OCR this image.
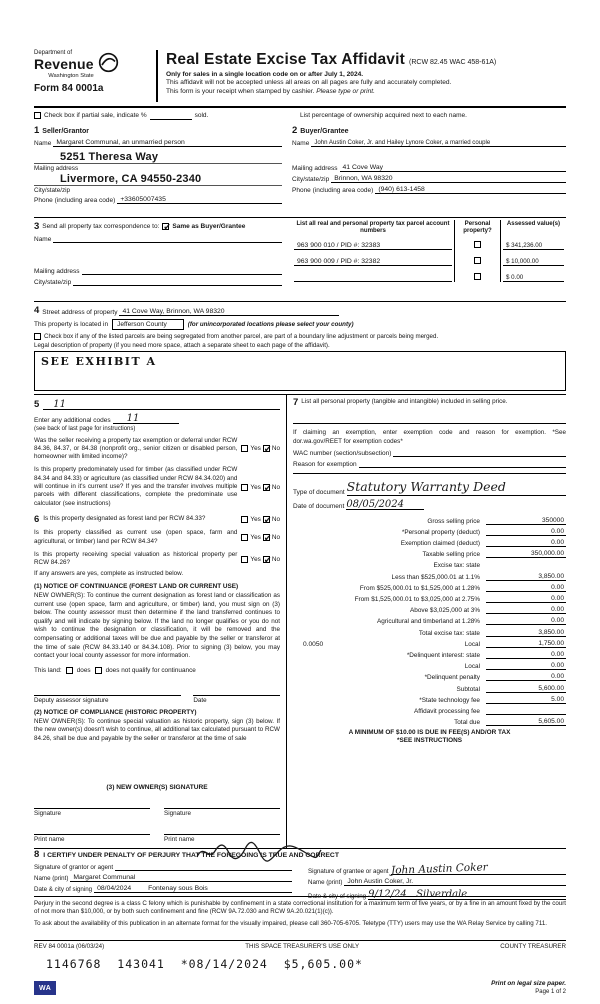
Department of
Revenue
Washington State
Form 84 0001a
Real Estate Excise Tax Affidavit (RCW 82.45 WAC 458-61A)
Only for sales in a single location code on or after July 1, 2024.
This affidavit will not be accepted unless all areas on all pages are fully and accurately completed.
This form is your receipt when stamped by cashier. Please type or print.
Check box if partial sale, indicate %	sold.	List percentage of ownership acquired next to each name.
1 Seller/Grantor
Name Margaret Communal, an unmarried person
5251 Theresa Way
Mailing address
Livermore, CA 94550-2340
City/state/zip
Phone (including area code) +33605007435
2 Buyer/Grantee
Name John Austin Coker, Jr. and Hailey Lynore Coker, a married couple
Mailing address 41 Cove Way
City/state/zip Brinnon, WA 98320
Phone (including area code) (940) 613-1458
3 Send all property tax correspondence to: ✔ Same as Buyer/Grantee
Name
Mailing address
City/state/zip
List all real and personal property tax parcel account numbers
Personal property?
Assessed value(s)
963 900 010 / PID #: 32383	$ 341,236.00
963 900 009 / PID #: 32382	$ 10,000.00
$ 0.00
4 Street address of property 41 Cove Way, Brinnon, WA 98320
This property is located in	Jefferson County	(for unincorporated locations please select your county)
Check box if any of the listed parcels are being segregated from another parcel, are part of a boundary line adjustment or parcels being merged.
Legal description of property (if you need more space, attach a separate sheet to each page of the affidavit).
SEE EXHIBIT A
5	11
Enter any additional codes	11
(see back of last page for instructions)
Was the seller receiving a property tax exemption or deferral under RCW 84.36, 84.37, or 84.38 (nonprofit org., senior citizen or disabled person, homeowner with limited income)?
Yes ✔ No
Is this property predominately used for timber (as classified under RCW 84.34 and 84.33) or agriculture (as classified under RCW 84.34.020) and will continue in it's current use? If yes and the transfer involves multiple parcels with different classifications, complete the predominate use calculator (see instructions)
Yes ✔ No
6 Is this property designated as forest land per RCW 84.33?	Yes ✔ No
Is this property classified as current use (open space, farm and agricultural, or timber) land per RCW 84.34?	Yes ✔ No
Is this property receiving special valuation as historical property per RCW 84.26?	Yes ✔ No
If any answers are yes, complete as instructed below.
(1) NOTICE OF CONTINUANCE (FOREST LAND OR CURRENT USE)
NEW OWNER(S): To continue the current designation as forest land or classification as current use (open space, farm and agriculture, or timber) land, you must sign on (3) below. The county assessor must then determine if the land transferred continues to qualify and will indicate by signing below. If the land no longer qualifies or you do not wish to continue the designation or classification, it will be removed and the compensating or additional taxes will be due and payable by the seller or transferor at the time of sale (RCW 84.33.140 or 84.34.108). Prior to signing (3) below, you may contact your local county assessor for more information.
This land: does does not qualify for continuance
Deputy assessor signature	Date
(2) NOTICE OF COMPLIANCE (HISTORIC PROPERTY)
NEW OWNER(S): To continue special valuation as historic property, sign (3) below. If the new owner(s) doesn't wish to continue, all additional tax calculated pursuant to RCW 84.26, shall be due and payable by the seller or transferor at the time of sale
(3) NEW OWNER(S) SIGNATURE
Signature	Signature
Print name	Print name
7 List all personal property (tangible and intangible) included in selling price.
If claiming an exemption, enter exemption code and reason for exemption. *See dor.wa.gov/REET for exemption codes*
WAC number (section/subsection)
Reason for exemption
Type of document Statutory Warranty Deed
Date of document 08/05/2024
Gross selling price	350000
*Personal property (deduct)	0.00
Exemption claimed (deduct)	0.00
Taxable selling price	350,000.00
Excise tax: state
Less than $525,000.01 at 1.1%	3,850.00
From $525,000.01 to $1,525,000 at 1.28%	0.00
From $1,525,000.01 to $3,025,000 at 2.75%	0.00
Above $3,025,000 at 3%	0.00
Agricultural and timberland at 1.28%	0.00
Total excise tax: state	3,850.00
0.0050	Local	1,750.00
*Delinquent interest: state	0.00
Local	0.00
*Delinquent penalty	0.00
Subtotal	5,600.00
*State technology fee	5.00
Affidavit processing fee
Total due	5,605.00
A MINIMUM OF $10.00 IS DUE IN FEE(S) AND/OR TAX
*SEE INSTRUCTIONS
8 I CERTIFY UNDER PENALTY OF PERJURY THAT THE FOREGOING IS TRUE AND CORRECT
Signature of grantor or agent
Name (print) Margaret Communal
Date & city of signing 08/04/2024	Fontenay sous Bois
Signature of grantee or agent John Austin Coker
Name (print) John Austin Coker, Jr.
Date & city of signing 9/12/24 Silverdale

Perjury in the second degree is a class C felony which is punishable by confinement in a state correctional institution for a maximum term of five years, or by a fine in an amount fixed by the court of not more than $10,000, or by both such confinement and fine (RCW 9A.72.030 and RCW 9A.20.021(1)(c)).

To ask about the availability of this publication in an alternate format for the visually impaired, please call 360-705-6705. Teletype (TTY) users may use the WA Relay Service by calling 711.

REV 84 0001a (06/03/24)	THIS SPACE TREASURER'S USE ONLY	COUNTY TREASURER
1146768  143041  *08/14/2024  $5,605.00*
WA
Print on legal size paper.
Page 1 of 2
